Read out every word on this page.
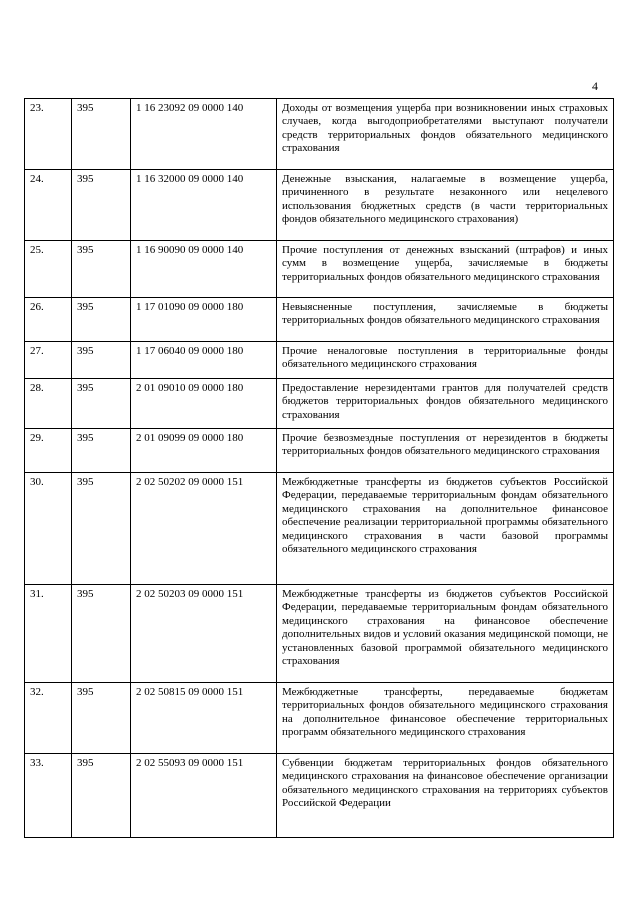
4
23.	395	1 16 23092 09 0000 140	Доходы от возмещения ущерба при возникновении иных страховых случаев, когда выгодоприобретателями выступают получатели средств территориальных фондов обязательного медицинского страхования
24.	395	1 16 32000 09 0000 140	Денежные взыскания, налагаемые в возмещение ущерба, причиненного в результате незаконного или нецелевого использования бюджетных средств (в части территориальных фондов обязательного медицинского страхования)
25.	395	1 16 90090 09 0000 140	Прочие поступления от денежных взысканий (штрафов) и иных сумм в возмещение ущерба, зачисляемые в бюджеты территориальных фондов обязательного медицинского страхования
26.	395	1 17 01090 09 0000 180	Невыясненные поступления, зачисляемые в бюджеты территориальных фондов обязательного медицинского страхования
27.	395	1 17 06040 09 0000 180	Прочие неналоговые поступления в территориальные фонды обязательного медицинского страхования
28.	395	2 01 09010 09 0000 180	Предоставление нерезидентами грантов для получателей средств бюджетов территориальных фондов обязательного медицинского страхования
29.	395	2 01 09099 09 0000 180	Прочие безвозмездные поступления от нерезидентов в бюджеты территориальных фондов обязательного медицинского страхования
30.	395	2 02 50202 09 0000 151	Межбюджетные трансферты из бюджетов субъектов Российской Федерации, передаваемые территориальным фондам обязательного медицинского страхования на дополнительное финансовое обеспечение реализации территориальной программы обязательного медицинского страхования в части базовой программы обязательного медицинского страхования
31.	395	2 02 50203 09 0000 151	Межбюджетные трансферты из бюджетов субъектов Российской Федерации, передаваемые территориальным фондам обязательного медицинского страхования на финансовое обеспечение дополнительных видов и условий оказания медицинской помощи, не установленных базовой программой обязательного медицинского страхования
32.	395	2 02 50815 09 0000 151	Межбюджетные трансферты, передаваемые бюджетам территориальных фондов обязательного медицинского страхования на дополнительное финансовое обеспечение территориальных программ обязательного медицинского страхования
33.	395	2 02 55093 09 0000 151	Субвенции бюджетам территориальных фондов обязательного медицинского страхования на финансовое обеспечение организации обязательного медицинского страхования на территориях субъектов Российской Федерации
